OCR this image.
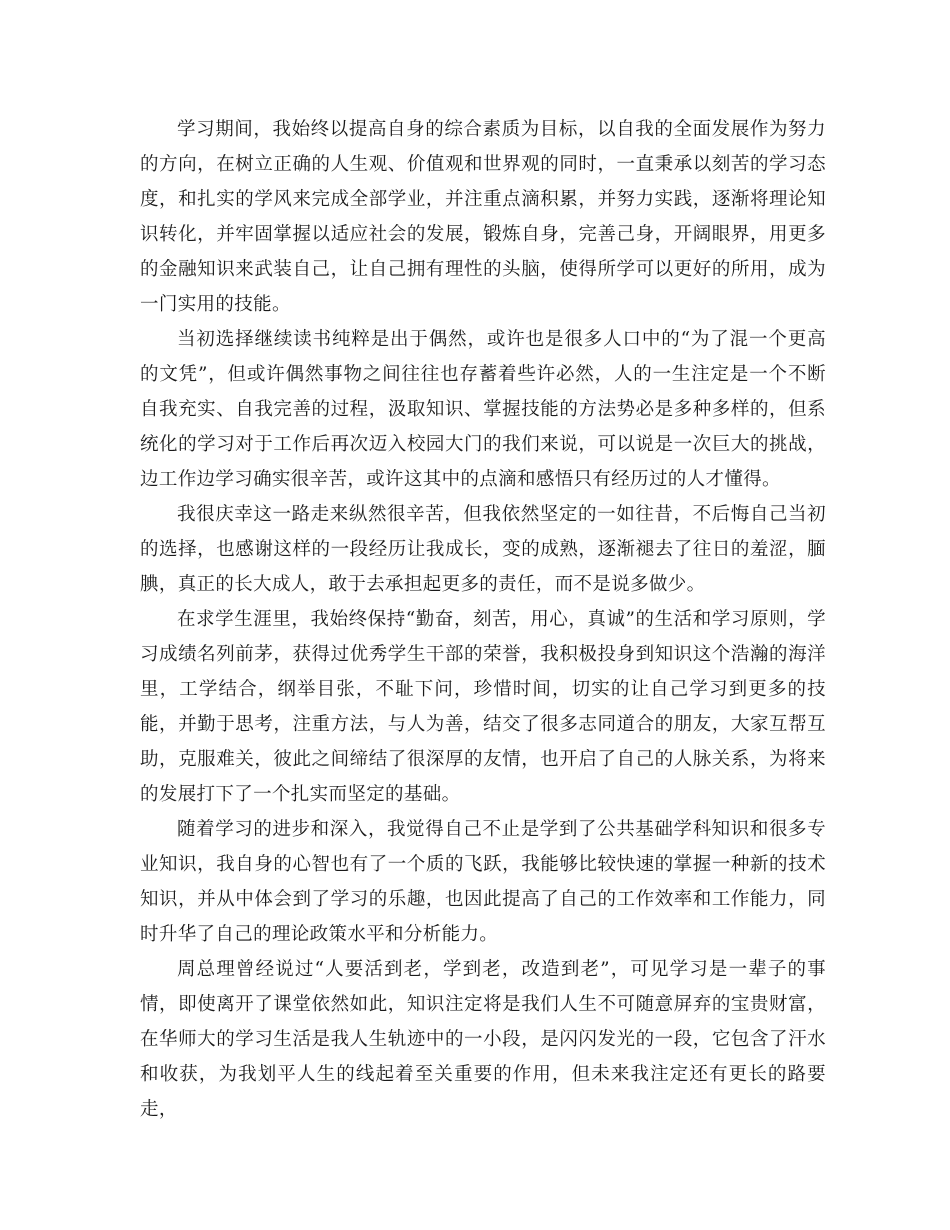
学习期间，我始终以提高自身的综合素质为目标，以自我的全面发展作为努力的方向，在树立正确的人生观、价值观和世界观的同时，一直秉承以刻苦的学习态度，和扎实的学风来完成全部学业，并注重点滴积累，并努力实践，逐渐将理论知识转化，并牢固掌握以适应社会的发展，锻炼自身，完善己身，开阔眼界，用更多的金融知识来武装自己，让自己拥有理性的头脑，使得所学可以更好的所用，成为一门实用的技能。

当初选择继续读书纯粹是出于偶然，或许也是很多人口中的“为了混一个更高的文凭”，但或许偶然事物之间往往也存蓄着些许必然，人的一生注定是一个不断自我充实、自我完善的过程，汲取知识、掌握技能的方法势必是多种多样的，但系统化的学习对于工作后再次迈入校园大门的我们来说，可以说是一次巨大的挑战，边工作边学习确实很辛苦，或许这其中的点滴和感悟只有经历过的人才懂得。

我很庆幸这一路走来纵然很辛苦，但我依然坚定的一如往昔，不后悔自己当初的选择，也感谢这样的一段经历让我成长，变的成熟，逐渐褪去了往日的羞涩，腼腆，真正的长大成人，敢于去承担起更多的责任，而不是说多做少。

在求学生涯里，我始终保持“勤奋，刻苦，用心，真诚”的生活和学习原则，学习成绩名列前茅，获得过优秀学生干部的荣誉，我积极投身到知识这个浩瀚的海洋里，工学结合，纲举目张，不耻下问，珍惜时间，切实的让自己学习到更多的技能，并勤于思考，注重方法，与人为善，结交了很多志同道合的朋友，大家互帮互助，克服难关，彼此之间缔结了很深厚的友情，也开启了自己的人脉关系，为将来的发展打下了一个扎实而坚定的基础。

随着学习的进步和深入，我觉得自己不止是学到了公共基础学科知识和很多专业知识，我自身的心智也有了一个质的飞跃，我能够比较快速的掌握一种新的技术知识，并从中体会到了学习的乐趣，也因此提高了自己的工作效率和工作能力，同时升华了自己的理论政策水平和分析能力。

周总理曾经说过“人要活到老，学到老，改造到老”，可见学习是一辈子的事情，即使离开了课堂依然如此，知识注定将是我们人生不可随意屏弃的宝贵财富，在华师大的学习生活是我人生轨迹中的一小段，是闪闪发光的一段，它包含了汗水和收获，为我划平人生的线起着至关重要的作用，但未来我注定还有更长的路要走，
